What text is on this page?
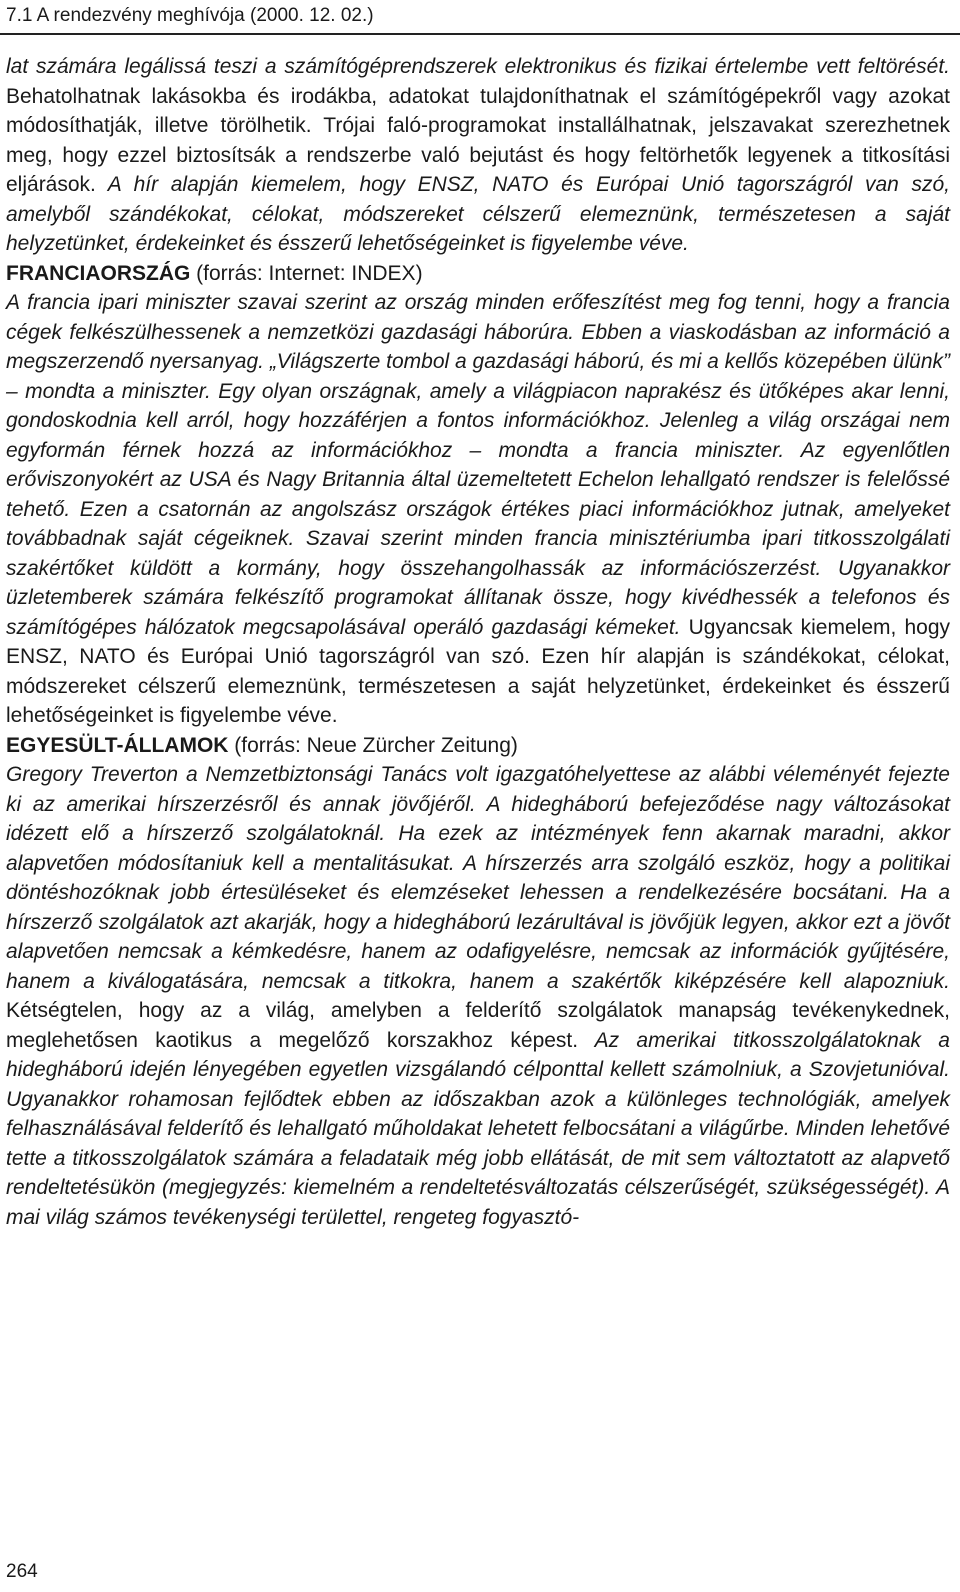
7.1 A rendezvény meghívója (2000. 12. 02.)

lat számára legálissá teszi a számítógéprendszerek elektronikus és fizikai értelembe vett feltörését. Behatolhatnak lakásokba és irodákba, adatokat tulajdoníthatnak el számítógépekről vagy azokat módosíthatják, illetve törölhetik. Trójai faló-programokat installálhatnak, jelszavakat szerezhetnek meg, hogy ezzel biztosítsák a rendszerbe való bejutást és hogy feltörhetők legyenek a titkosítási eljárások. A hír alapján kiemelem, hogy ENSZ, NATO és Európai Unió tagországról van szó, amelyből szándékokat, célokat, módszereket célszerű elemeznünk, természetesen a saját helyzetünket, érdekeinket és ésszerű lehetőségeinket is figyelembe véve.

FRANCIAORSZÁG (forrás: Internet: INDEX)

A francia ipari miniszter szavai szerint az ország minden erőfeszítést meg fog tenni, hogy a francia cégek felkészülhessenek a nemzetközi gazdasági háborúra. Ebben a viaskodásban az információ a megszerzendő nyersanyag. „Világszerte tombol a gazdasági háború, és mi a kellős közepében ülünk” – mondta a miniszter. Egy olyan országnak, amely a világpiacon naprakész és ütőképes akar lenni, gondoskodnia kell arról, hogy hozzáférjen a fontos információkhoz. Jelenleg a világ országai nem egyformán férnek hozzá az információkhoz – mondta a francia miniszter. Az egyenlőtlen erőviszonyokért az USA és Nagy Britannia által üzemeltetett Echelon lehallgató rendszer is felelőssé tehető. Ezen a csatornán az angolszász országok értékes piaci információkhoz jutnak, amelyeket továbbadnak saját cégeiknek. Szavai szerint minden francia minisztériumba ipari titkosszolgálati szakértőket küldött a kormány, hogy összehangolhassák az információszerzést. Ugyanakkor üzletemberek számára felkészítő programokat állítanak össze, hogy kivédhessék a telefonos és számítógépes hálózatok megcsapolásával operáló gazdasági kémeket. Ugyancsak kiemelem, hogy ENSZ, NATO és Európai Unió tagországról van szó. Ezen hír alapján is szándékokat, célokat, módszereket célszerű elemeznünk, természetesen a saját helyzetünket, érdekeinket és ésszerű lehetőségeinket is figyelembe véve.

EGYESÜLT-ÁLLAMOK (forrás: Neue Zürcher Zeitung)

Gregory Treverton a Nemzetbiztonsági Tanács volt igazgatóhelyettese az alábbi véleményét fejezte ki az amerikai hírszerzésről és annak jövőjéről. A hidegháború befejeződése nagy változásokat idézett elő a hírszerző szolgálatoknál. Ha ezek az intézmények fenn akarnak maradni, akkor alapvetően módosítaniuk kell a mentalitásukat. A hírszerzés arra szolgáló eszköz, hogy a politikai döntéshozóknak jobb értesüléseket és elemzéseket lehessen a rendelkezésére bocsátani. Ha a hírszerző szolgálatok azt akarják, hogy a hidegháború lezárultával is jövőjük legyen, akkor ezt a jövőt alapvetően nemcsak a kémkedésre, hanem az odafigyelésre, nemcsak az információk gyűjtésére, hanem a kiválogatására, nemcsak a titkokra, hanem a szakértők kiképzésére kell alapozniuk. Kétségtelen, hogy az a világ, amelyben a felderítő szolgálatok manapság tevékenykednek, meglehetősen kaotikus a megelőző korszakhoz képest. Az amerikai titkosszolgálatoknak a hidegháború idején lényegében egyetlen vizsgálandó célponttal kellett számolniuk, a Szovjetunióval. Ugyanakkor rohamosan fejlődtek ebben az időszakban azok a különleges technológiák, amelyek felhasználásával felderítő és lehallgató műholdakat lehetett felbocsátani a világűrbe. Minden lehetővé tette a titkosszolgálatok számára a feladataik még jobb ellátását, de mit sem változtatott az alapvető rendeltetésükön (megjegyzés: kiemelném a rendeltetésváltozatás célszerűségét, szükségességét). A mai világ számos tevékenységi területtel, rengeteg fogyasztó-

264
